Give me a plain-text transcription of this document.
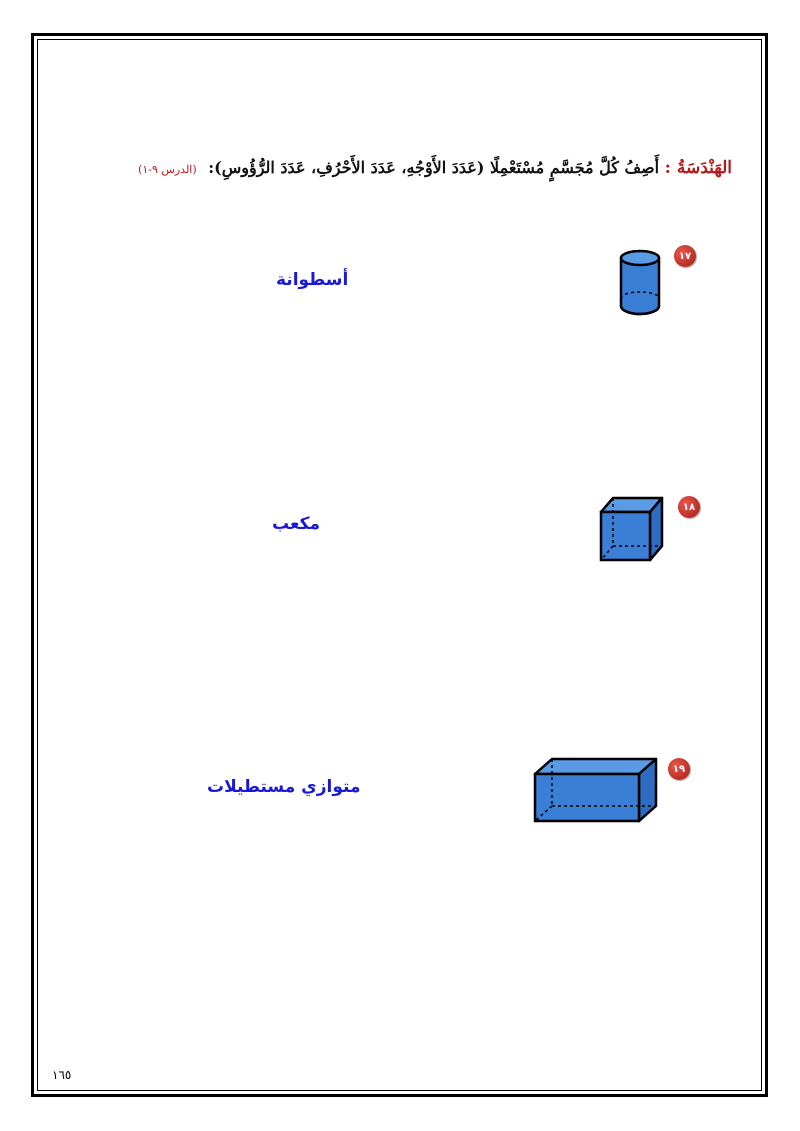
الهَنْدَسَةُ : أَصِفُ كُلَّ مُجَسَّمٍ مُسْتَعْمِلًا (عَدَدَ الأَوْجُهِ، عَدَدَ الأَحْرُفِ، عَدَدَ الرُّؤُوسِ): (الدرس ٩-١)
١٧
أسطوانة
١٨
مكعب
١٩
متوازي مستطيلات
١٦٥
